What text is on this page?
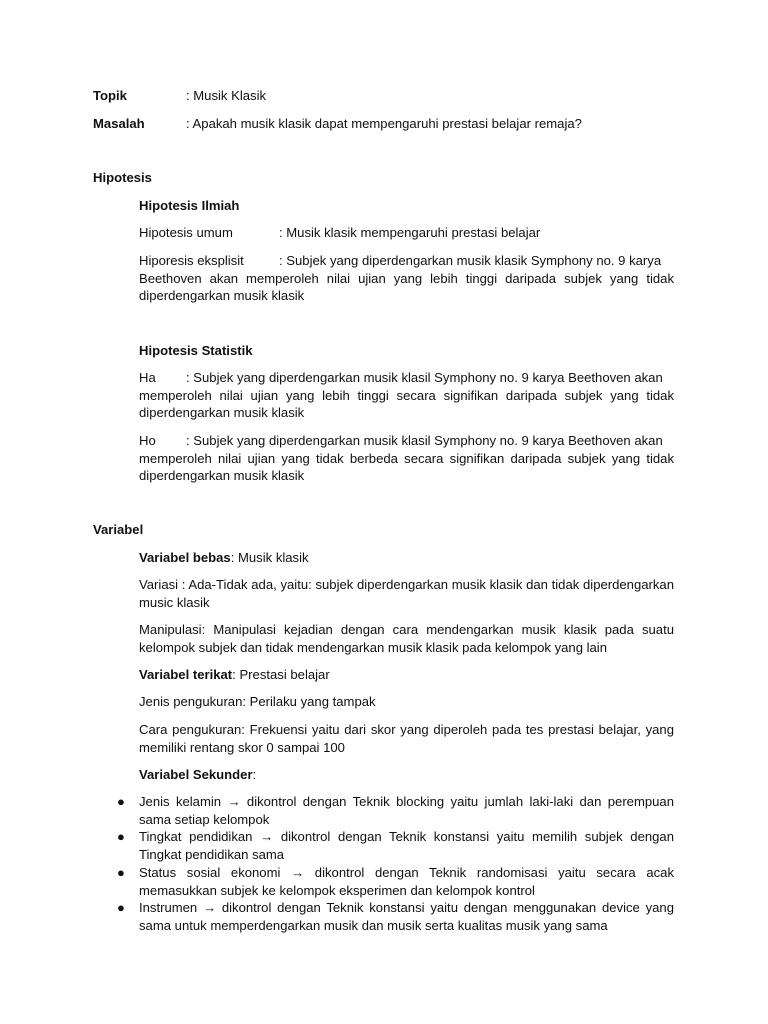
Topik	: Musik Klasik
Masalah	: Apakah musik klasik dapat mempengaruhi prestasi belajar remaja?
Hipotesis
Hipotesis Ilmiah
Hipotesis umum	: Musik klasik mempengaruhi prestasi belajar
Hiporesis eksplisit	: Subjek yang diperdengarkan musik klasik Symphony no. 9 karya
Beethoven akan memperoleh nilai ujian yang lebih tinggi daripada subjek yang tidak diperdengarkan musik klasik
Hipotesis Statistik
Ha : Subjek yang diperdengarkan musik klasil Symphony no. 9 karya Beethoven akan
memperoleh nilai ujian yang lebih tinggi secara signifikan daripada subjek yang tidak diperdengarkan musik klasik
Ho : Subjek yang diperdengarkan musik klasil Symphony no. 9 karya Beethoven akan
memperoleh nilai ujian yang tidak berbeda secara signifikan daripada subjek yang tidak diperdengarkan musik klasik
Variabel
Variabel bebas: Musik klasik
Variasi : Ada-Tidak ada, yaitu: subjek diperdengarkan musik klasik dan tidak diperdengarkan music klasik
Manipulasi: Manipulasi kejadian dengan cara mendengarkan musik klasik pada suatu kelompok subjek dan tidak mendengarkan musik klasik pada kelompok yang lain
Variabel terikat: Prestasi belajar
Jenis pengukuran: Perilaku yang tampak
Cara pengukuran: Frekuensi yaitu dari skor yang diperoleh pada tes prestasi belajar, yang memiliki rentang skor 0 sampai 100
Variabel Sekunder:
● Jenis kelamin → dikontrol dengan Teknik blocking yaitu jumlah laki-laki dan perempuan sama setiap kelompok
● Tingkat pendidikan → dikontrol dengan Teknik konstansi yaitu memilih subjek dengan Tingkat pendidikan sama
● Status sosial ekonomi → dikontrol dengan Teknik randomisasi yaitu secara acak memasukkan subjek ke kelompok eksperimen dan kelompok kontrol
● Instrumen → dikontrol dengan Teknik konstansi yaitu dengan menggunakan device yang sama untuk memperdengarkan musik dan musik serta kualitas musik yang sama
